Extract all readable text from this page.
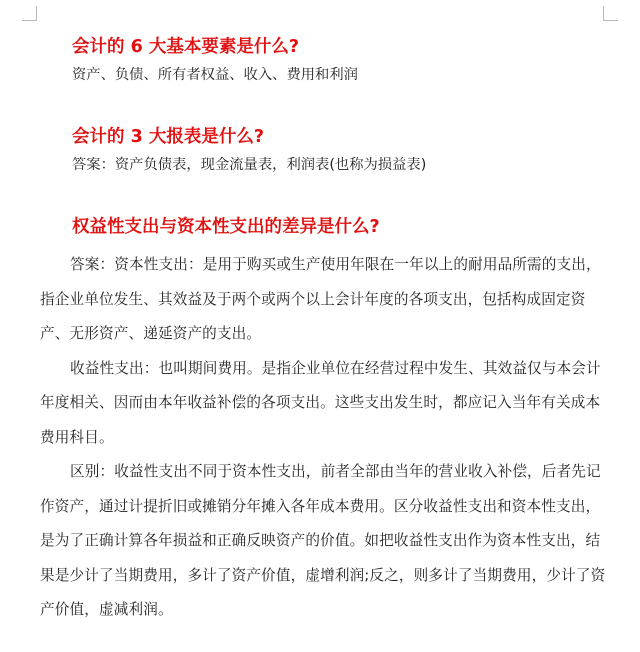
会计的 6 大基本要素是什么?
资产、负债、所有者权益、收入、费用和利润
会计的 3 大报表是什么?
答案：资产负债表，现金流量表，利润表(也称为损益表)
权益性支出与资本性支出的差异是什么?

答案：资本性支出：是用于购买或生产使用年限在一年以上的耐用品所需的支出，指企业单位发生、其效益及于两个或两个以上会计年度的各项支出，包括构成固定资产、无形资产、递延资产的支出。

收益性支出：也叫期间费用。是指企业单位在经营过程中发生、其效益仅与本会计年度相关、因而由本年收益补偿的各项支出。这些支出发生时，都应记入当年有关成本费用科目。

区别：收益性支出不同于资本性支出，前者全部由当年的营业收入补偿，后者先记作资产，通过计提折旧或摊销分年摊入各年成本费用。区分收益性支出和资本性支出，是为了正确计算各年损益和正确反映资产的价值。如把收益性支出作为资本性支出，结果是少计了当期费用，多计了资产价值，虚增利润;反之，则多计了当期费用，少计了资产价值，虚减利润。
